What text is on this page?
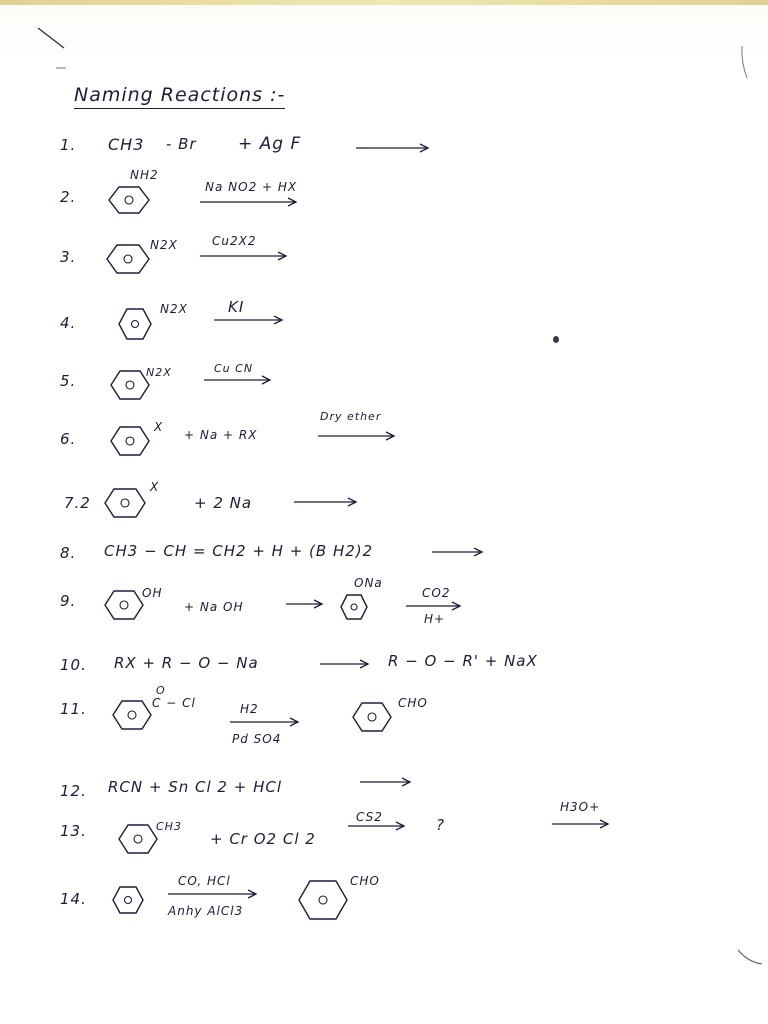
Naming Reactions :-
1. CH3 - Br + Ag F
2.
NH2
Na NO2 + HX
3.
N2X	Cu2X2
4.
N2X	KI
5.	N2X	Cu CN
6.
X
+ Na + RX
Dry ether
7.2
X
+ 2 Na
8. CH3 − CH = CH2 + H + (B H2)2
9.	OH
+ Na OH
ONa
CO2
H+
10. RX + R − O − Na	→ R − O − R' + NaX
11.
O
C − Cl	H2
Pd SO4
CHO
12. RCN + Sn Cl 2 + HCl
13.	CH3
+ Cr O2 Cl 2
CS2	?
H3O+
14.
CO, HCl
Anhy AlCl3
CHO
